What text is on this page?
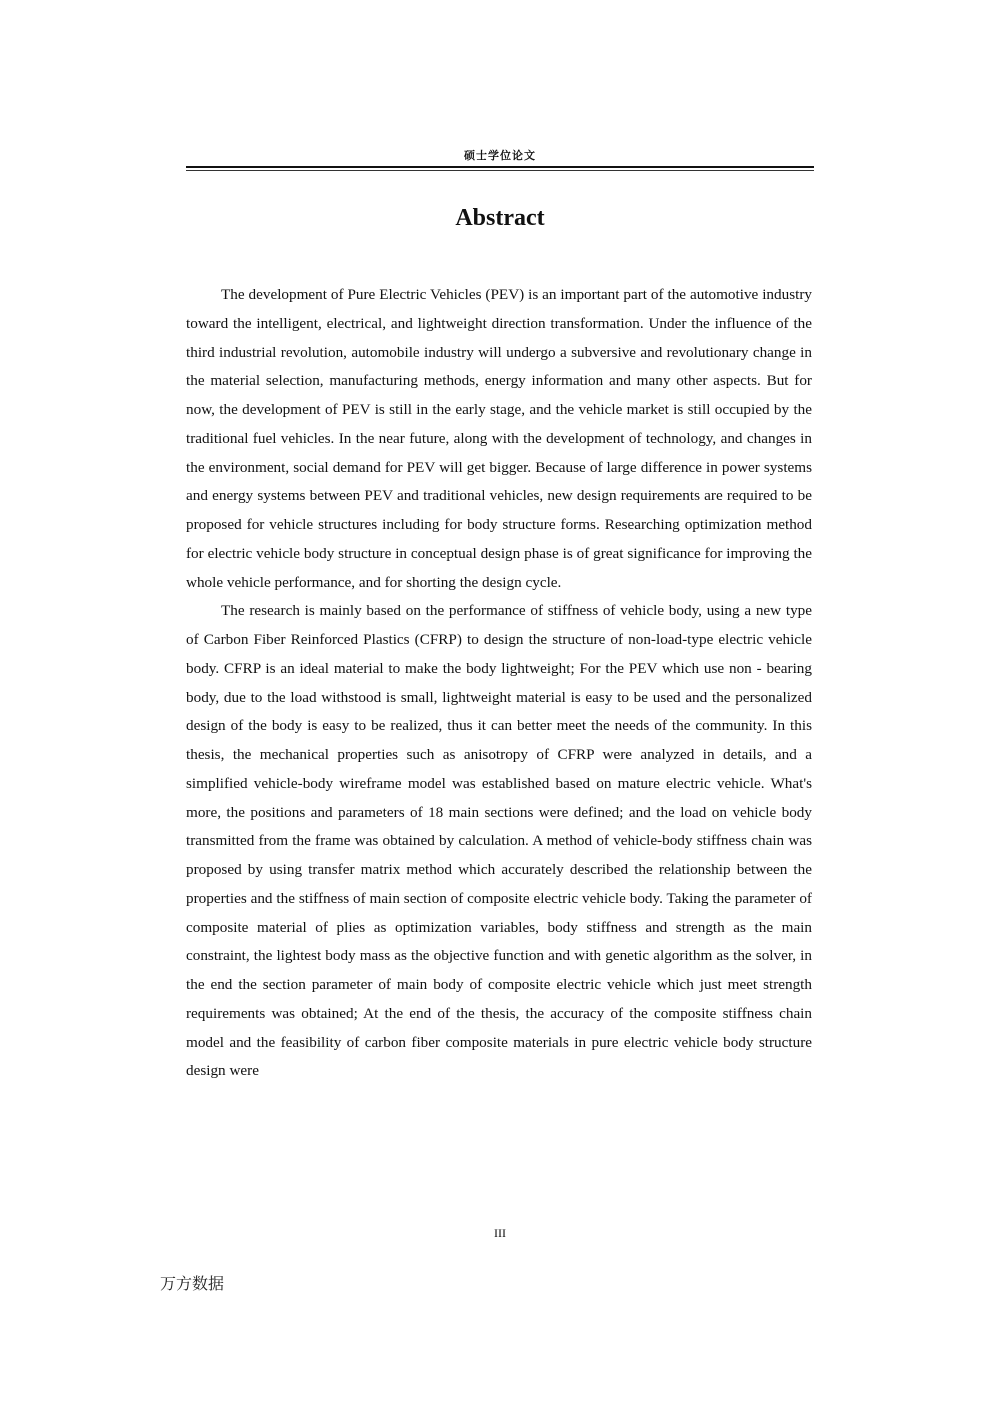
硕士学位论文
Abstract

The development of Pure Electric Vehicles (PEV) is an important part of the automotive industry toward the intelligent, electrical, and lightweight direction transformation. Under the influence of the third industrial revolution, automobile industry will undergo a subversive and revolutionary change in the material selection, manufacturing methods, energy information and many other aspects. But for now, the development of PEV is still in the early stage, and the vehicle market is still occupied by the traditional fuel vehicles. In the near future, along with the development of technology, and changes in the environment, social demand for PEV will get bigger. Because of large difference in power systems and energy systems between PEV and traditional vehicles, new design requirements are required to be proposed for vehicle structures including for body structure forms. Researching optimization method for electric vehicle body structure in conceptual design phase is of great significance for improving the whole vehicle performance, and for shorting the design cycle.

The research is mainly based on the performance of stiffness of vehicle body, using a new type of Carbon Fiber Reinforced Plastics (CFRP) to design the structure of non-load-type electric vehicle body. CFRP is an ideal material to make the body lightweight; For the PEV which use non - bearing body, due to the load withstood is small, lightweight material is easy to be used and the personalized design of the body is easy to be realized, thus it can better meet the needs of the community. In this thesis, the mechanical properties such as anisotropy of CFRP were analyzed in details, and a simplified vehicle-body wireframe model was established based on mature electric vehicle. What's more, the positions and parameters of 18 main sections were defined; and the load on vehicle body transmitted from the frame was obtained by calculation. A method of vehicle-body stiffness chain was proposed by using transfer matrix method which accurately described the relationship between the properties and the stiffness of main section of composite electric vehicle body. Taking the parameter of composite material of plies as optimization variables, body stiffness and strength as the main constraint, the lightest body mass as the objective function and with genetic algorithm as the solver, in the end the section parameter of main body of composite electric vehicle which just meet strength requirements was obtained; At the end of the thesis, the accuracy of the composite stiffness chain model and the feasibility of carbon fiber composite materials in pure electric vehicle body structure design were

III
万方数据
